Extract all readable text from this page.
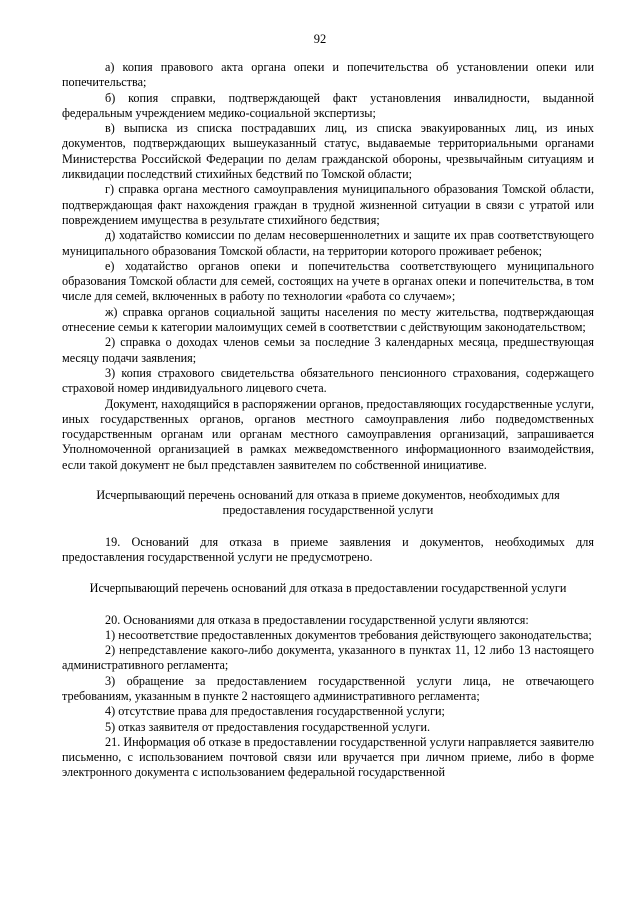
92

а) копия правового акта органа опеки и попечительства об установлении опеки или попечительства;

б) копия справки, подтверждающей факт установления инвалидности, выданной федеральным учреждением медико-социальной экспертизы;

в) выписка из списка пострадавших лиц, из списка эвакуированных лиц, из иных документов, подтверждающих вышеуказанный статус, выдаваемые территориальными органами Министерства Российской Федерации по делам гражданской обороны, чрезвычайным ситуациям и ликвидации последствий стихийных бедствий по Томской области;

г) справка органа местного самоуправления муниципального образования Томской области, подтверждающая факт нахождения граждан в трудной жизненной ситуации в связи с утратой или повреждением имущества в результате стихийного бедствия;

д) ходатайство комиссии по делам несовершеннолетних и защите их прав соответствующего муниципального образования Томской области, на территории которого проживает ребенок;

е) ходатайство органов опеки и попечительства соответствующего муниципального образования Томской области для семей, состоящих на учете в органах опеки и попечительства, в том числе для семей, включенных в работу по технологии «работа со случаем»;

ж) справка органов социальной защиты населения по месту жительства, подтверждающая отнесение семьи к категории малоимущих семей в соответствии с действующим законодательством;

2) справка о доходах членов семьи за последние 3 календарных месяца, предшествующая месяцу подачи заявления;

3) копия страхового свидетельства обязательного пенсионного страхования, содержащего страховой номер индивидуального лицевого счета.

Документ, находящийся в распоряжении органов, предоставляющих государственные услуги, иных государственных органов, органов местного самоуправления либо подведомственных государственным органам или органам местного самоуправления организаций, запрашивается Уполномоченной организацией в рамках межведомственного информационного взаимодействия, если такой документ не был представлен заявителем по собственной инициативе.

Исчерпывающий перечень оснований для отказа в приеме документов, необходимых для предоставления государственной услуги

19. Оснований для отказа в приеме заявления и документов, необходимых для предоставления государственной услуги не предусмотрено.

Исчерпывающий перечень оснований для отказа в предоставлении государственной услуги

20. Основаниями для отказа в предоставлении государственной услуги являются:

1) несоответствие предоставленных документов требования действующего законодательства;

2) непредставление какого-либо документа, указанного в пунктах 11, 12 либо 13 настоящего административного регламента;

3) обращение за предоставлением государственной услуги лица, не отвечающего требованиям, указанным в пункте 2 настоящего административного регламента;

4) отсутствие права для предоставления государственной услуги;

5) отказ заявителя от предоставления государственной услуги.

21. Информация об отказе в предоставлении государственной услуги направляется заявителю письменно, с использованием почтовой связи или вручается при личном приеме, либо в форме электронного документа с использованием федеральной государственной
